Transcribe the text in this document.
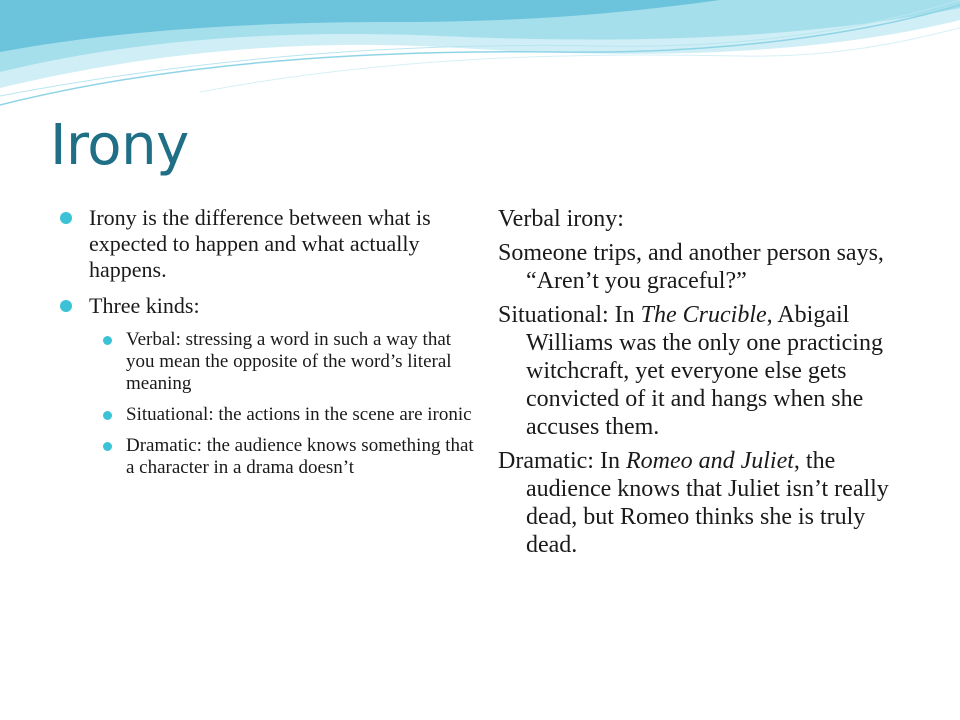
Irony
Irony is the difference between what is expected to happen and what actually happens.
Three kinds:
Verbal: stressing a word in such a way that you mean the opposite of the word’s literal meaning
Situational: the actions in the scene are ironic
Dramatic: the audience knows something that a character in a drama doesn’t

Verbal irony:

Someone trips, and another person says, “Aren’t you graceful?”

Situational: In The Crucible, Abigail Williams was the only one practicing witchcraft, yet everyone else gets convicted of it and hangs when she accuses them.

Dramatic: In Romeo and Juliet, the audience knows that Juliet isn’t really dead, but Romeo thinks she is truly dead.
